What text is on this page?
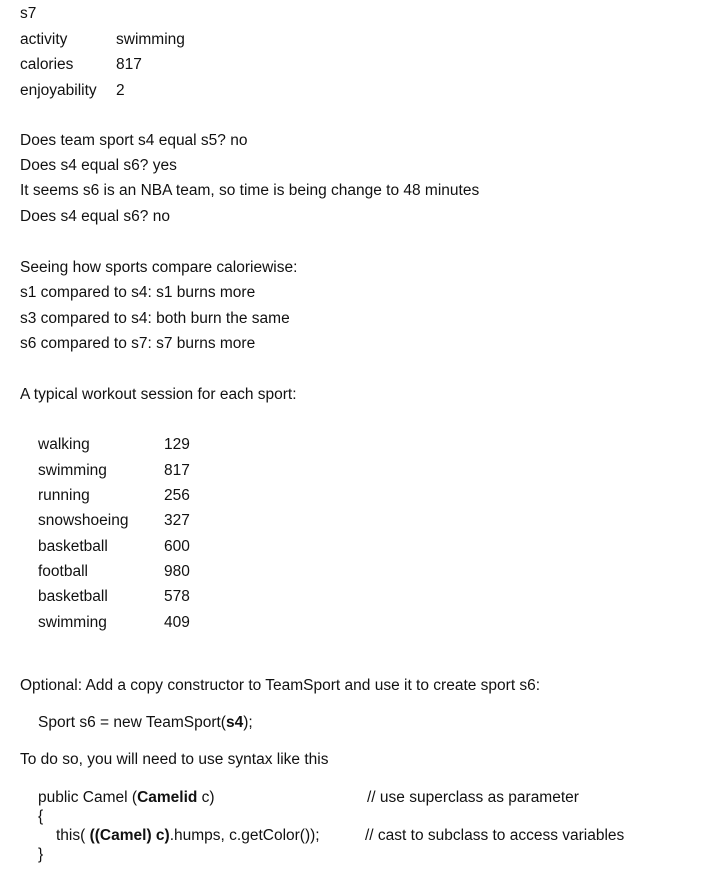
s7
activity	swimming
calories	817
enjoyability 2
Does team sport s4 equal s5? no
Does s4 equal s6? yes
It seems s6 is an NBA team, so time is being change to 48 minutes
Does s4 equal s6? no
Seeing how sports compare caloriewise:
s1 compared to s4: s1 burns more
s3 compared to s4: both burn the same
s6 compared to s7: s7 burns more
A typical workout session for each sport:
walking	129
swimming	817
running	256
snowshoeing 327
basketball	600
football	980
basketball	578
swimming	409
Optional: Add a copy constructor to TeamSport and use it to create sport s6:
Sport s6 = new TeamSport(s4);
To do so, you will need to use syntax like this
public Camel (Camelid c)	// use superclass as parameter
{
this( ((Camel) c).humps, c.getColor());	// cast to subclass to access variables
}
